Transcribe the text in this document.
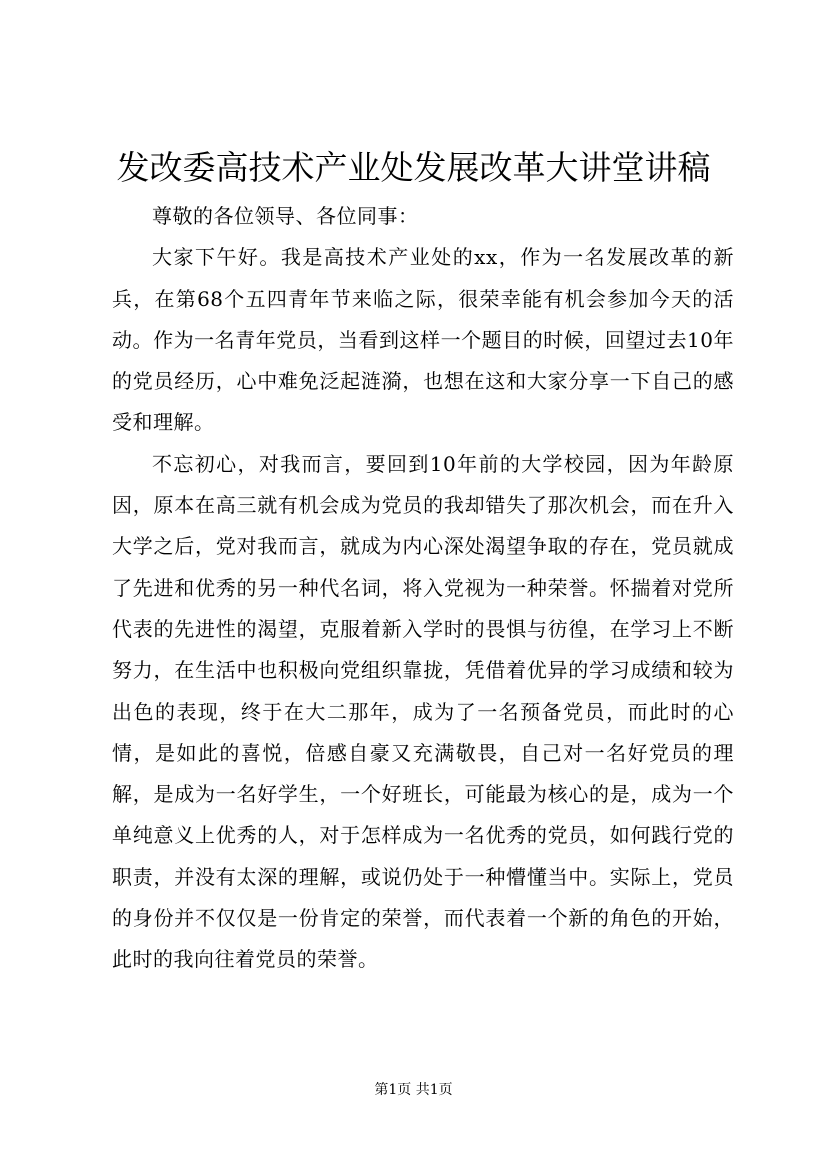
发改委高技术产业处发展改革大讲堂讲稿

尊敬的各位领导、各位同事：

大家下午好。我是高技术产业处的xx，作为一名发展改革的新兵，在第68个五四青年节来临之际，很荣幸能有机会参加今天的活动。作为一名青年党员，当看到这样一个题目的时候，回望过去10年的党员经历，心中难免泛起涟漪，也想在这和大家分享一下自己的感受和理解。

不忘初心，对我而言，要回到10年前的大学校园，因为年龄原因，原本在高三就有机会成为党员的我却错失了那次机会，而在升入大学之后，党对我而言，就成为内心深处渴望争取的存在，党员就成了先进和优秀的另一种代名词，将入党视为一种荣誉。怀揣着对党所代表的先进性的渴望，克服着新入学时的畏惧与彷徨，在学习上不断努力，在生活中也积极向党组织靠拢，凭借着优异的学习成绩和较为出色的表现，终于在大二那年，成为了一名预备党员，而此时的心情，是如此的喜悦，倍感自豪又充满敬畏，自己对一名好党员的理解，是成为一名好学生，一个好班长，可能最为核心的是，成为一个单纯意义上优秀的人，对于怎样成为一名优秀的党员，如何践行党的职责，并没有太深的理解，或说仍处于一种懵懂当中。实际上，党员的身份并不仅仅是一份肯定的荣誉，而代表着一个新的角色的开始，此时的我向往着党员的荣誉。

第1页 共1页
